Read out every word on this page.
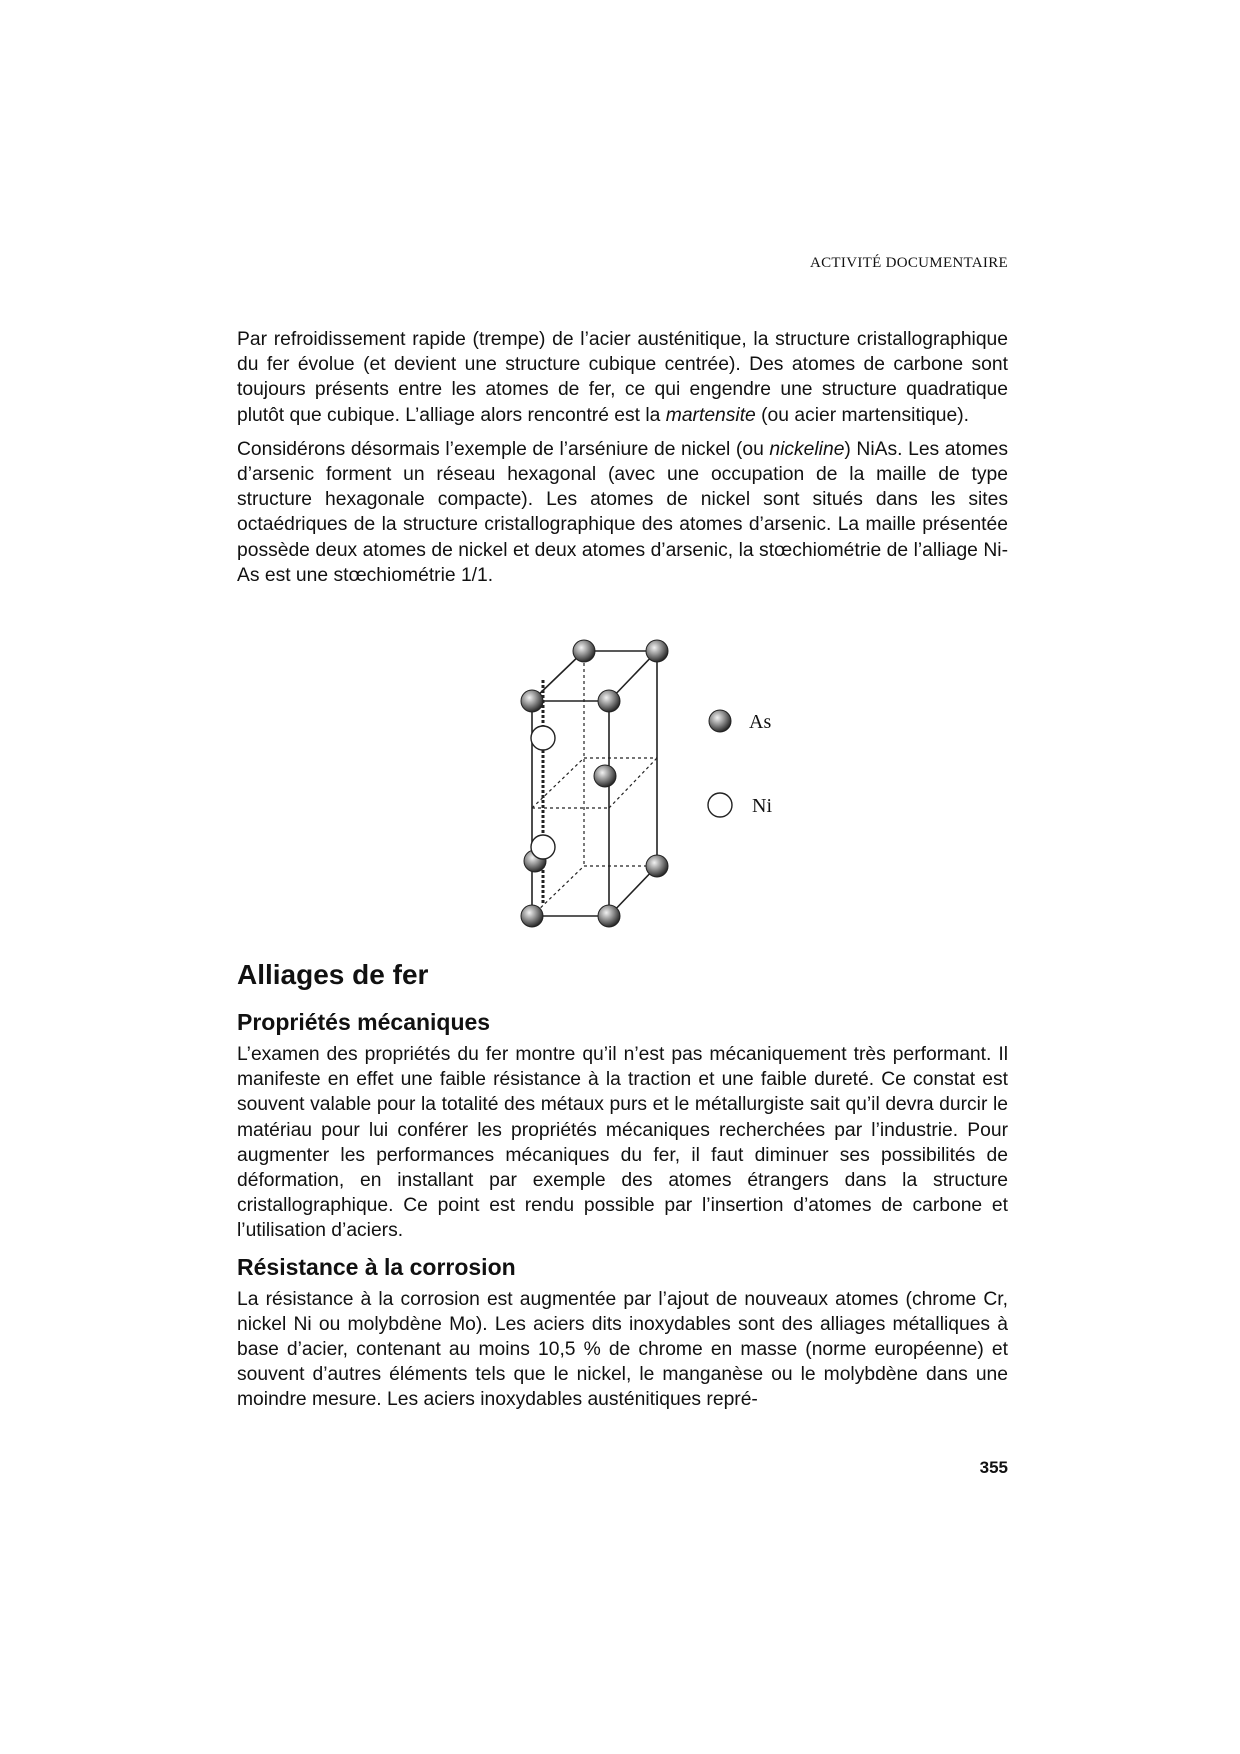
ACTIVITÉ DOCUMENTAIRE

Par refroidissement rapide (trempe) de l’acier austénitique, la structure cristallographique du fer évolue (et devient une structure cubique centrée). Des atomes de carbone sont toujours présents entre les atomes de fer, ce qui engendre une structure quadratique plutôt que cubique. L’alliage alors rencontré est la martensite (ou acier martensitique).

Considérons désormais l’exemple de l’arséniure de nickel (ou nickeline) NiAs. Les atomes d’arsenic forment un réseau hexagonal (avec une occupation de la maille de type structure hexagonale compacte). Les atomes de nickel sont situés dans les sites octaédriques de la structure cristallographique des atomes d’arsenic. La maille présentée possède deux atomes de nickel et deux atomes d’arsenic, la stœchiométrie de l’alliage Ni-As est une stœchiométrie 1/1.

As
Ni
Alliages de fer
Propriétés mécaniques

L’examen des propriétés du fer montre qu’il n’est pas mécaniquement très performant. Il manifeste en effet une faible résistance à la traction et une faible dureté. Ce constat est souvent valable pour la totalité des métaux purs et le métallurgiste sait qu’il devra durcir le matériau pour lui conférer les propriétés mécaniques recherchées par l’industrie. Pour augmenter les performances mécaniques du fer, il faut diminuer ses possibilités de déformation, en installant par exemple des atomes étrangers dans la structure cristallographique. Ce point est rendu possible par l’insertion d’atomes de carbone et l’utilisation d’aciers.

Résistance à la corrosion

La résistance à la corrosion est augmentée par l’ajout de nouveaux atomes (chrome Cr, nickel Ni ou molybdène Mo). Les aciers dits inoxydables sont des alliages métalliques à base d’acier, contenant au moins 10,5 % de chrome en masse (norme européenne) et souvent d’autres éléments tels que le nickel, le manganèse ou le molybdène dans une moindre mesure. Les aciers inoxydables austénitiques repré-

355
